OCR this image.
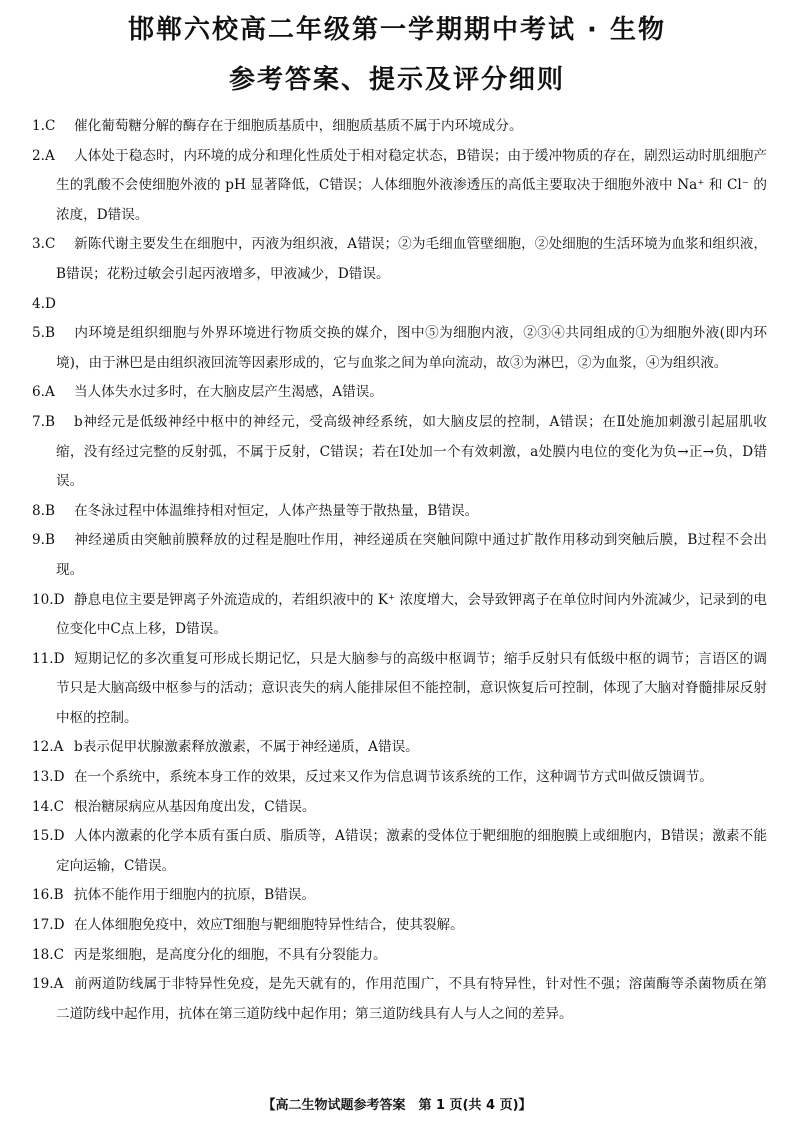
邯郸六校高二年级第一学期期中考试 · 生物
参考答案、提示及评分细则

1.C 催化葡萄糖分解的酶存在于细胞质基质中，细胞质基质不属于内环境成分。

2.A 人体处于稳态时，内环境的成分和理化性质处于相对稳定状态，B错误；由于缓冲物质的存在，剧烈运动时肌细胞产生的乳酸不会使细胞外液的 pH 显著降低，C错误；人体细胞外液渗透压的高低主要取决于细胞外液中 Na⁺ 和 Cl⁻ 的浓度，D错误。

3.C 新陈代谢主要发生在细胞中，丙液为组织液，A错误；②为毛细血管壁细胞，②处细胞的生活环境为血浆和组织液，B错误；花粉过敏会引起丙液增多，甲液减少，D错误。

4.D

5.B 内环境是组织细胞与外界环境进行物质交换的媒介，图中⑤为细胞内液，②③④共同组成的①为细胞外液(即内环境)，由于淋巴是由组织液回流等因素形成的，它与血浆之间为单向流动，故③为淋巴，②为血浆，④为组织液。

6.A 当人体失水过多时，在大脑皮层产生渴感，A错误。

7.B b神经元是低级神经中枢中的神经元，受高级神经系统，如大脑皮层的控制，A错误；在Ⅱ处施加刺激引起屈肌收缩，没有经过完整的反射弧，不属于反射，C错误；若在Ⅰ处加一个有效刺激，a处膜内电位的变化为负→正→负，D错误。

8.B 在冬泳过程中体温维持相对恒定，人体产热量等于散热量，B错误。

9.B 神经递质由突触前膜释放的过程是胞吐作用，神经递质在突触间隙中通过扩散作用移动到突触后膜，B过程不会出现。

10.D 静息电位主要是钾离子外流造成的，若组织液中的 K⁺ 浓度增大，会导致钾离子在单位时间内外流减少，记录到的电位变化中C点上移，D错误。

11.D 短期记忆的多次重复可形成长期记忆，只是大脑参与的高级中枢调节；缩手反射只有低级中枢的调节；言语区的调节只是大脑高级中枢参与的活动；意识丧失的病人能排尿但不能控制，意识恢复后可控制，体现了大脑对脊髓排尿反射中枢的控制。

12.A b表示促甲状腺激素释放激素，不属于神经递质，A错误。

13.D 在一个系统中，系统本身工作的效果，反过来又作为信息调节该系统的工作，这种调节方式叫做反馈调节。

14.C 根治糖尿病应从基因角度出发，C错误。

15.D 人体内激素的化学本质有蛋白质、脂质等，A错误；激素的受体位于靶细胞的细胞膜上或细胞内，B错误；激素不能定向运输，C错误。

16.B 抗体不能作用于细胞内的抗原，B错误。

17.D 在人体细胞免疫中，效应T细胞与靶细胞特异性结合，使其裂解。

18.C 丙是浆细胞，是高度分化的细胞，不具有分裂能力。

19.A 前两道防线属于非特异性免疫，是先天就有的，作用范围广，不具有特异性，针对性不强；溶菌酶等杀菌物质在第二道防线中起作用，抗体在第三道防线中起作用；第三道防线具有人与人之间的差异。

【高二生物试题参考答案　第 1 页(共 4 页)】
